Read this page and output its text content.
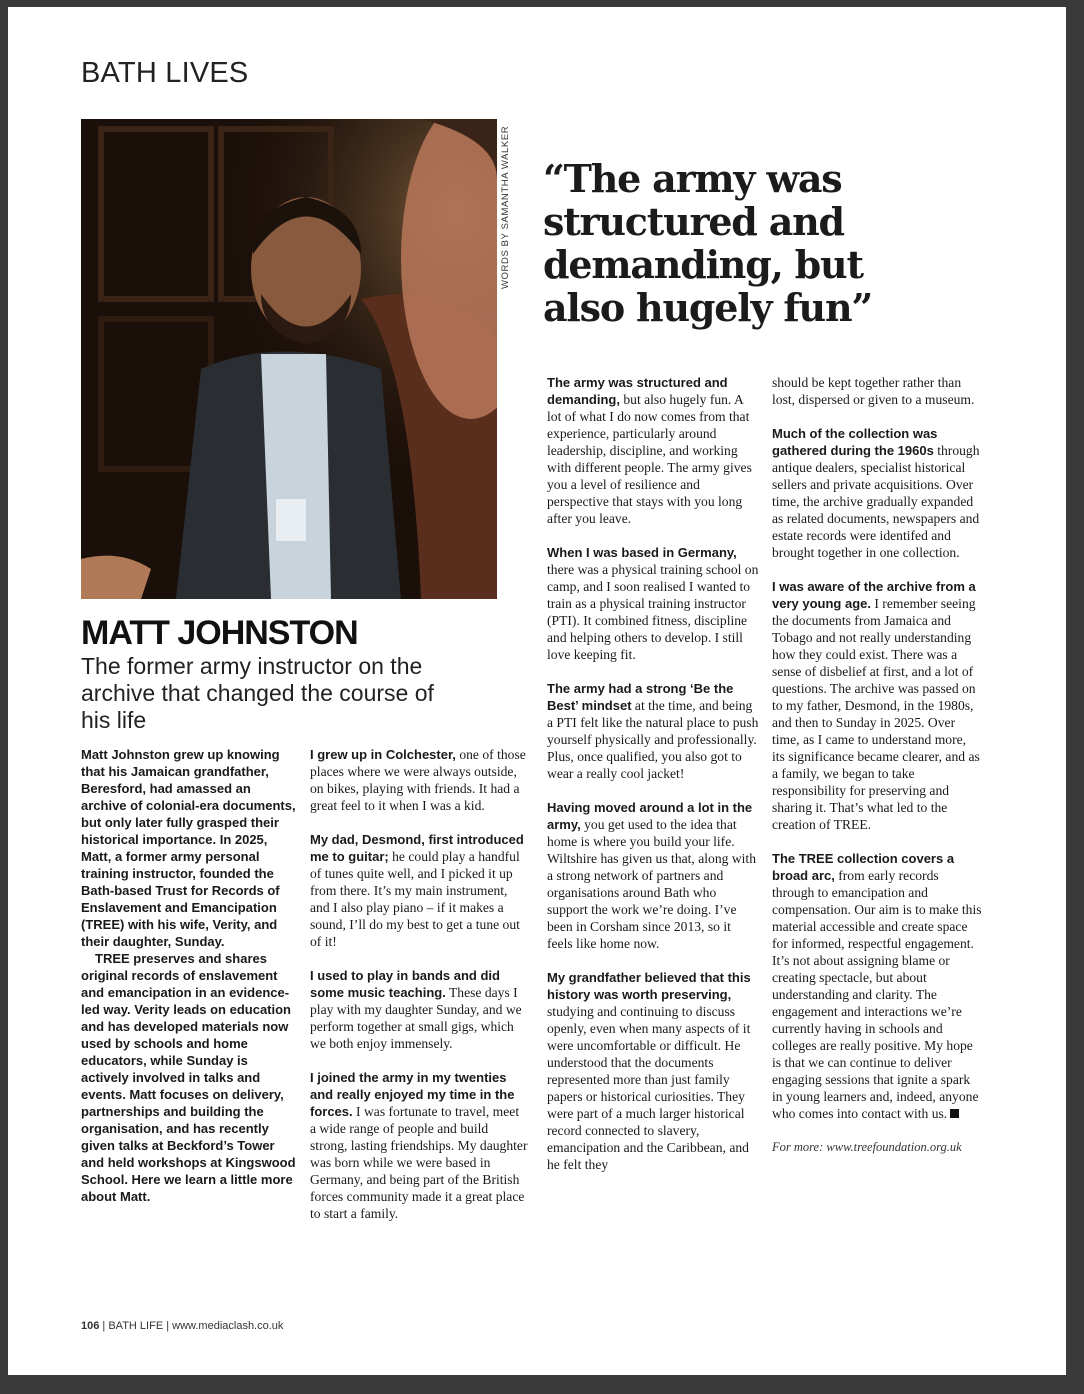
BATH LIVES
WORDS BY SAMANTHA WALKER “The army was structured and demanding, but also hugely fun”
MATT JOHNSTON
The former army instructor on the archive that changed the course of his life

Matt Johnston grew up knowing that his Jamaican grandfather, Beresford, had amassed an archive of colonial-era documents, but only later fully grasped their historical importance. In 2025, Matt, a former army personal training instructor, founded the Bath-based Trust for Records of Enslavement and Emancipation (TREE) with his wife, Verity, and their daughter, Sunday.

TREE preserves and shares original records of enslavement and emancipation in an evidence-led way. Verity leads on education and has developed materials now used by schools and home educators, while Sunday is actively involved in talks and events. Matt focuses on delivery, partnerships and building the organisation, and has recently given talks at Beckford’s Tower and held workshops at Kingswood School. Here we learn a little more about Matt.

I grew up in Colchester, one of those places where we were always outside, on bikes, playing with friends. It had a great feel to it when I was a kid.

My dad, Desmond, first introduced me to guitar; he could play a handful of tunes quite well, and I picked it up from there. It’s my main instrument, and I also play piano – if it makes a sound, I’ll do my best to get a tune out of it!

I used to play in bands and did some music teaching. These days I play with my daughter Sunday, and we perform together at small gigs, which we both enjoy immensely.

I joined the army in my twenties and really enjoyed my time in the forces. I was fortunate to travel, meet a wide range of people and build strong, lasting friendships. My daughter was born while we were based in Germany, and being part of the British forces community made it a great place to start a family.

The army was structured and demanding, but also hugely fun. A lot of what I do now comes from that experience, particularly around leadership, discipline, and working with different people. The army gives you a level of resilience and perspective that stays with you long after you leave.

When I was based in Germany, there was a physical training school on camp, and I soon realised I wanted to train as a physical training instructor (PTI). It combined fitness, discipline and helping others to develop. I still love keeping fit.

The army had a strong ‘Be the Best’ mindset at the time, and being a PTI felt like the natural place to push yourself physically and professionally. Plus, once qualified, you also got to wear a really cool jacket!

Having moved around a lot in the army, you get used to the idea that home is where you build your life. Wiltshire has given us that, along with a strong network of partners and organisations around Bath who support the work we’re doing. I’ve been in Corsham since 2013, so it feels like home now.

My grandfather believed that this history was worth preserving, studying and continuing to discuss openly, even when many aspects of it were uncomfortable or difficult. He understood that the documents represented more than just family papers or historical curiosities. They were part of a much larger historical record connected to slavery, emancipation and the Caribbean, and he felt they

should be kept together rather than lost, dispersed or given to a museum.

Much of the collection was gathered during the 1960s through antique dealers, specialist historical sellers and private acquisitions. Over time, the archive gradually expanded as related documents, newspapers and estate records were identifed and brought together in one collection.

I was aware of the archive from a very young age. I remember seeing the documents from Jamaica and Tobago and not really understanding how they could exist. There was a sense of disbelief at first, and a lot of questions. The archive was passed on to my father, Desmond, in the 1980s, and then to Sunday in 2025. Over time, as I came to understand more, its significance became clearer, and as a family, we began to take responsibility for preserving and sharing it. That’s what led to the creation of TREE.

The TREE collection covers a broad arc, from early records through to emancipation and compensation. Our aim is to make this material accessible and create space for informed, respectful engagement. It’s not about assigning blame or creating spectacle, but about understanding and clarity. The engagement and interactions we’re currently having in schools and colleges are really positive. My hope is that we can continue to deliver engaging sessions that ignite a spark in young learners and, indeed, anyone who comes into contact with us.

For more: www.treefoundation.org.uk

106 | BATH LIFE | www.mediaclash.co.uk
